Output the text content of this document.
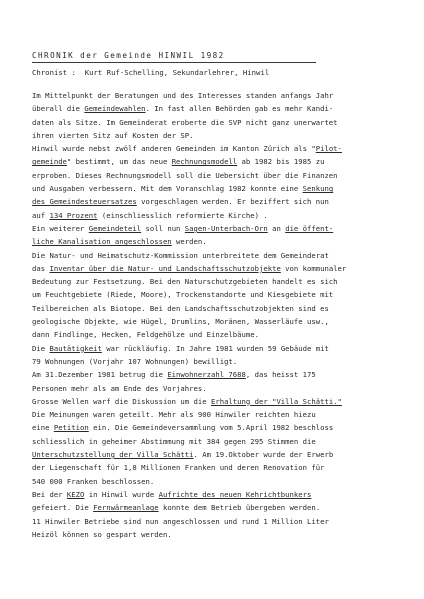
CHRONIK der Gemeinde HINWIL 1982
Chronist :  Kurt Ruf-Schelling, Sekundarlehrer, Hinwil
Im Mittelpunkt der Beratungen und des Interesses standen anfangs Jahr
überall die Gemeindewahlen. In fast allen Behörden gab es mehr Kandi-
daten als Sitze. Im Gemeinderat eroberte die SVP nicht ganz unerwartet
ihren vierten Sitz auf Kosten der SP.
Hinwil wurde nebst zwölf anderen Gemeinden im Kanton Zürich als "Pilot-
gemeinde" bestimmt, um das neue Rechnungsmodell ab 1982 bis 1985 zu
erproben. Dieses Rechnungsmodell soll die Uebersicht über die Finanzen
und Ausgaben verbessern. Mit dem Voranschlag 1982 konnte eine Senkung
des Gemeindesteuersatzes vorgeschlagen werden. Er beziffert sich nun
auf 134 Prozent (einschliesslich reformierte Kirche) .
Ein weiterer Gemeindeteil soll nun Sagen-Unterbach-Orn an die öffent-
liche Kanalisation angeschlossen werden.
Die Natur- und Heimatschutz-Kommission unterbreitete dem Gemeinderat
das Inventar über die Natur- und Landschaftsschutzobjekte von kommunaler
Bedeutung zur Festsetzung. Bei den Naturschutzgebieten handelt es sich
um Feuchtgebiete (Riede, Moore), Trockenstandorte und Kiesgebiete mit
Teilbereichen als Biotope. Bei den Landschaftsschutzobjekten sind es
geologische Objekte, wie Hügel, Drumlins, Moränen, Wasserläufe usw.,
dann Findlinge, Hecken, Feldgehölze und Einzelbäume.
Die Bautätigkeit war rückläufig. In Jahre 1981 wurden 59 Gebäude mit
79 Wohnungen (Vorjahr 107 Wohnungen) bewilligt.
Am 31.Dezember 1981 betrug die Einwohnerzahl 7688, das heisst 175
Personen mehr als am Ende des Vorjahres.
Grosse Wellen warf die Diskussion um die Erhaltung der "Villa Schätti."
Die Meinungen waren geteilt. Mehr als 900 Hinwiler reichten hiezu
eine Petition ein. Die Gemeindeversammlung vom 5.April 1982 beschloss
schliesslich in geheimer Abstimmung mit 384 gegen 295 Stimmen die
Unterschutzstellung der Villa Schätti. Am 19.Oktober wurde der Erwerb
der Liegenschaft für 1,8 Millionen Franken und deren Renovation für
540 000 Franken beschlossen.
Bei der KEZO in Hinwil wurde Aufrichte des neuen Kehrichtbunkers
gefeiert. Die Fernwärmeanlage konnte dem Betrieb übergeben werden.
11 Hinwiler Betriebe sind nun angeschlossen und rund 1 Million Liter
Heizöl können so gespart werden.
